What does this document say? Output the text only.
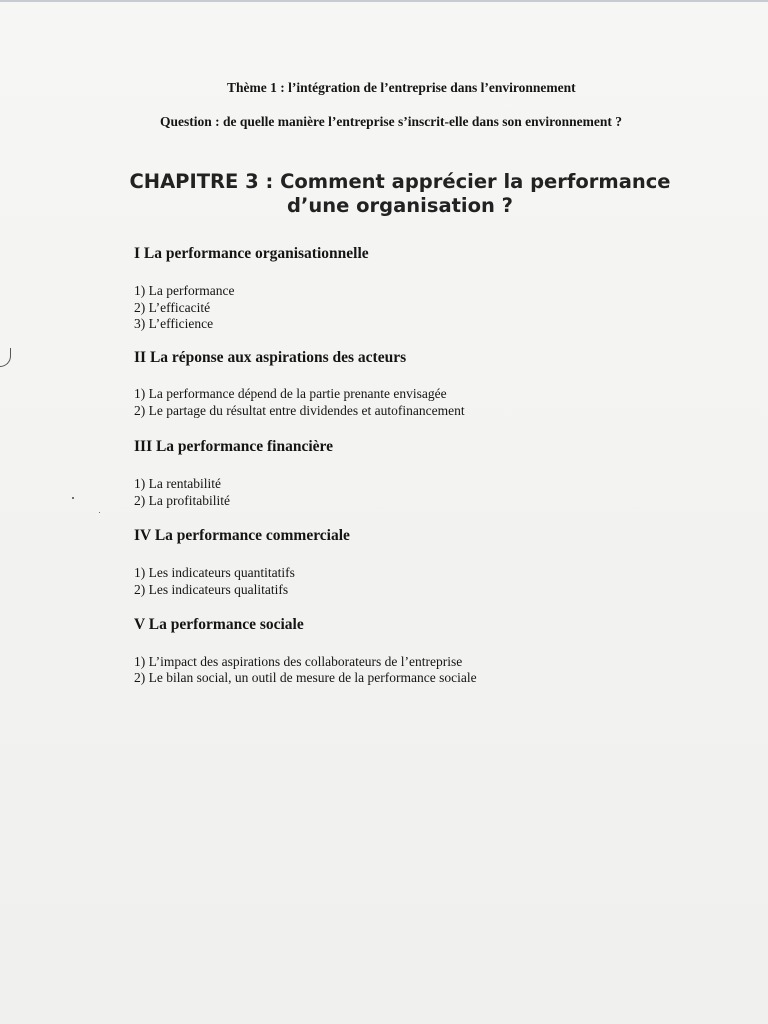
Thème 1 : l’intégration de l’entreprise dans l’environnement
Question : de quelle manière l’entreprise s’inscrit-elle dans son environnement ?
CHAPITRE 3 : Comment apprécier la performance
d’une organisation ?
I La performance organisationnelle
1) La performance
2) L’efficacité
3) L’efficience
II La réponse aux aspirations des acteurs
1) La performance dépend de la partie prenante envisagée
2) Le partage du résultat entre dividendes et autofinancement
III La performance financière
1) La rentabilité
2) La profitabilité
IV La performance commerciale
1) Les indicateurs quantitatifs
2) Les indicateurs qualitatifs
V La performance sociale
1) L’impact des aspirations des collaborateurs de l’entreprise
2) Le bilan social, un outil de mesure de la performance sociale
